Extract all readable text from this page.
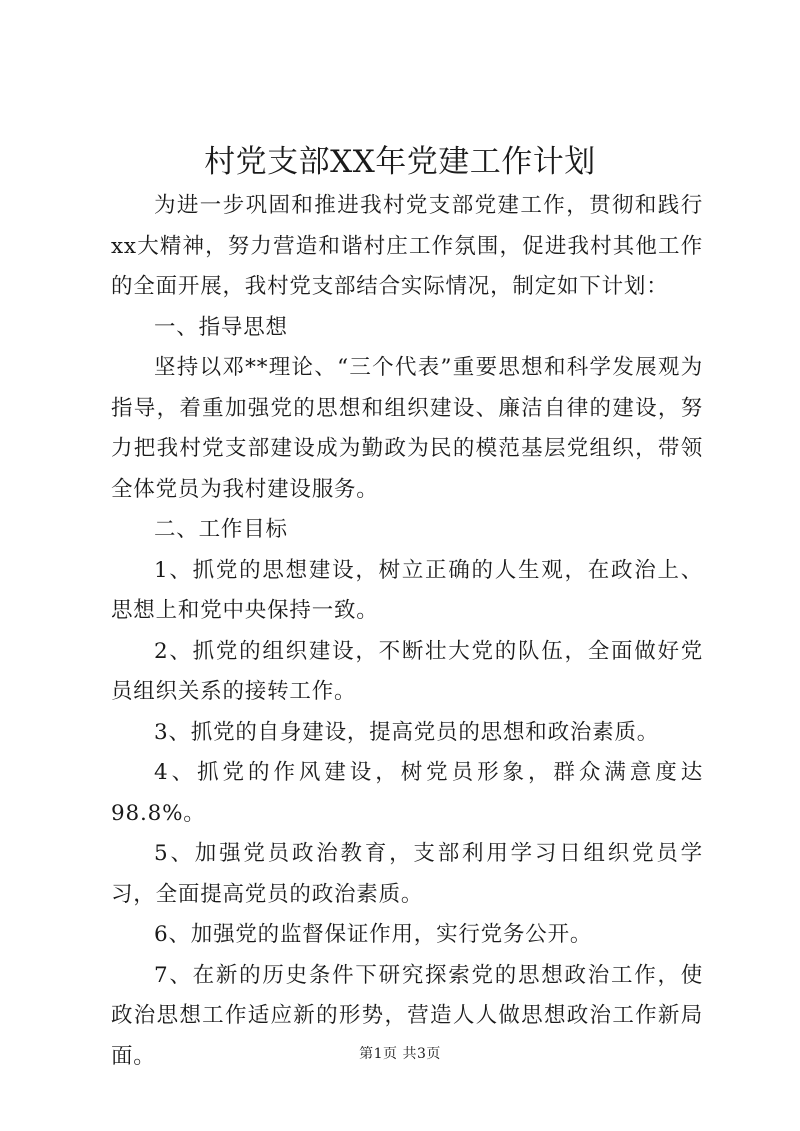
村党支部XX年党建工作计划

为进一步巩固和推进我村党支部党建工作，贯彻和践行xx大精神，努力营造和谐村庄工作氛围，促进我村其他工作的全面开展，我村党支部结合实际情况，制定如下计划：

一、指导思想

坚持以邓**理论、“三个代表”重要思想和科学发展观为指导，着重加强党的思想和组织建设、廉洁自律的建设，努力把我村党支部建设成为勤政为民的模范基层党组织，带领全体党员为我村建设服务。

二、工作目标

1、抓党的思想建设，树立正确的人生观，在政治上、思想上和党中央保持一致。

2、抓党的组织建设，不断壮大党的队伍，全面做好党员组织关系的接转工作。

3、抓党的自身建设，提高党员的思想和政治素质。

4、抓党的作风建设，树党员形象，群众满意度达98.8%。

5、加强党员政治教育，支部利用学习日组织党员学习，全面提高党员的政治素质。

6、加强党的监督保证作用，实行党务公开。

7、在新的历史条件下研究探索党的思想政治工作，使政治思想工作适应新的形势，营造人人做思想政治工作新局面。	第1页 共3页
